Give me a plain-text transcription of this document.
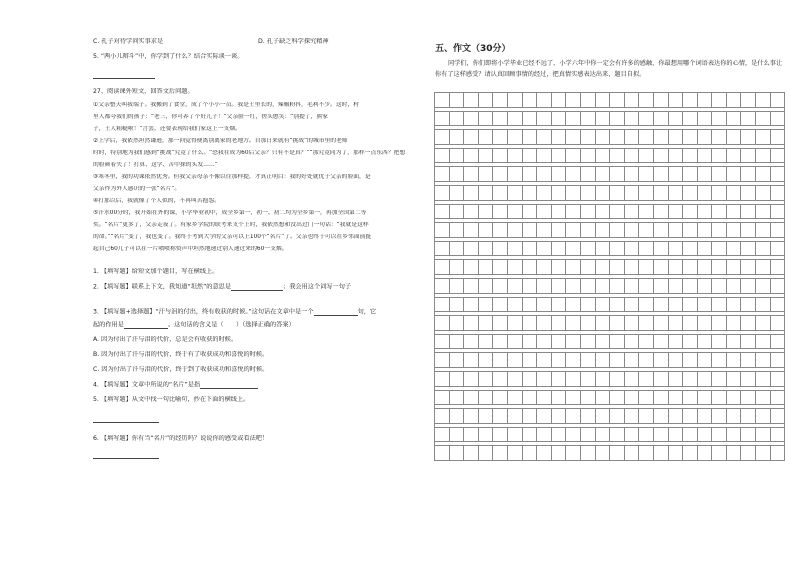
C. 孔子对待学问实事求是	D. 孔子缺乏科学探究精神
5. “两小儿辩斗”中，你学到了什么？结合实际谈一谈。
27、阅读课外短文，回答文后问题。
①父亲整天叫我端子。我搬到了食堂，成了个小小一员。我是土里长的，辣椒粉抖，毛利不少。这时，村
里人都夸我们的孩子：“老三，你可养了个好儿子！”父亲脸一红，搓头憨笑：“别提了，熊家
子，土人粗糙啦！”言罢，还要表现给我们家这上一支烟。
②上学后，我依然坦然谦逊，那一回觉得便离别离家的老地方。自那日来就有“挑战”的城市里的老师
时时，特别地为我们感到“挑战”究竟了什么。“恐我在成为60后父亲？只有不是真？”“那究竟同为了，那样一点东西？把想
的脸颜着失了！打算、这学、苦中探的头发……”
③寒冬里，我的功课依然优秀。但我父亲母亲不像以往那样提，才真正明白：我的好处就优于父亲的脸面，是
父亲作为外人感识的一张“名片”。
④打那以后，我就像了个人似的，不再叫苦抱怨。
⑤汗水00分时，我开始在外的课，小学毕业初中，成全乡第一，初一、初二均为全乡第一，再加全国第二等
奖。“名片”更多了，父亲走夜了。有家乡学院的联考来支个上时，我依然想和没出过门一句话：“我就是这样
的命。”“名片”变了，我也变了。我终于考到大学的父亲可以上100个“名片”了。父亲也终于可以在乡邻面前挺
起自己60几子可以在一片喷喷称赞声中坦然地递过别人递过来的60一支烟。
1. 【填写题】给短文加个题目，写在横线上。
2. 【填写题】联系上下文，我知道“坦然”的意思是	；我会用这个词写一句子
3. 【填写题+选择题】“汗与泪的付出，终有收获的时候。”这句话在文章中是一个	句，它
起的作用是	。这句话的含义是（　　）（选择正确的答案）
A. 因为付出了汗与泪的代价，总是会有收获的时候。
B. 因为付出了汗与泪的代价，终于有了收获成功和喜悦的时候。
C. 因为付出了汗与泪的代价，终于到了收获成功和喜悦的时候。
4. 【填写题】文章中所说的“名片”是指
5. 【填写题】从文中找一句比喻句，抄在下面的横线上。
6. 【填写题】你有当“名片”的经历吗？说说你的感受或看法吧！
五、作文（30分）
同学们，你们即将小学毕业已经不远了，小学六年中你一定会有许多的感触，你最想用哪个词语表达你的心情，是什么事让你有了这样感受？请认真回顾事情的经过，把真情实感表达出来，题目自拟。
